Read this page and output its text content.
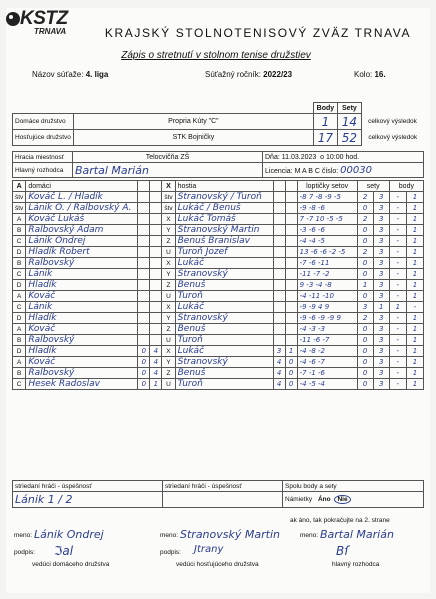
KSTZ
TRNAVA	KRAJSKÝ STOLNOTENISOVÝ ZVÄZ TRNAVA
Zápis o stretnutí v stolnom tenise družstiev
Názov súťaže: 4. liga	Súťažný ročník: 2022/23	Kolo: 16.
		Body	Sety	
Domáce družstvo	Propria Kúty "C"	1	14	celkový výsledok
Hosťujúce družstvo	STK Bojničky	17	52	celkový výsledok
Hracia miestnosť	Telocvičňa ZŠ	Dňa: 11.03.2023 o 10:00 hod.
Hlavný rozhodca	Bartal Marián	Licencia: M A B C číslo: 00030
A	domáci			X	hostia			loptičky setov	sety		body	
štv	Kováč L. / Hladík			štv	Stranovský / Turoň			-8 7 -8 -9 -5	2	3	-	1
štv	Lánik O. / Ralbovský A.			štv	Lukáč / Benuš			-9 -8 -6	0	3	-	1
A	Kováč Lukáš			X	Lukáč Tomáš			7 -7 10 -5 -5	2	3	-	1
B	Ralbovský Adam			Y	Stranovský Martin			-3 -6 -6	0	3	-	1
C	Lánik Ondrej			Z	Benuš Branislav			-4 -4 -5	0	3	-	1
D	Hladík Robert			U	Turoň Jozef			13 -6 -6 -2 -5	2	3	-	1
B	Ralbovský			X	Lukáč			-7 -6 -11	0	3	-	1
C	Lánik			Y	Stranovský			-11 -7 -2	0	3	-	1
D	Hladík			Z	Benuš			9 -3 -4 -8	1	3	-	1
A	Kováč			U	Turoň			-4 -11 -10	0	3	-	1
C	Lánik			X	Lukáč			-9 -9 4 9	3	1	1	-
D	Hladík			Y	Stranovský			-9 -6 -9 -9 9	2	3	-	1
A	Kováč			Z	Benuš			-4 -3 -3	0	3	-	1
B	Ralbovský			U	Turoň			-11 -6 -7	0	3	-	1
D	Hladík	0	4	X	Lukáč	3	1	-4 -8 -2	0	3	-	1
A	Kováč	0	4	Y	Stranovský	4	0	-4 -6 -7	0	3	-	1
B	Ralbovský	0	4	Z	Benuš	4	0	-7 -1 -6	0	3	-	1
C	Hesek Radoslav	0	1	U	Turoň	4	0	-4 -5 -4	0	3	-	1
striedaní hráči - úspešnosť	striedaní hráči - úspešnosť	Spolu body a sety
Lánik 1 / 2		Námietky Áno Nie
ak áno, tak pokračujte na 2. strane
meno: Lánik Ondrej
podpis: ℑal
vedúci domáceho družstva
meno: Stranovský Martin
podpis: Jtrany
vedúci hosťujúceho družstva
meno: Bartal Marián
Bſ
hlavný rozhodca
